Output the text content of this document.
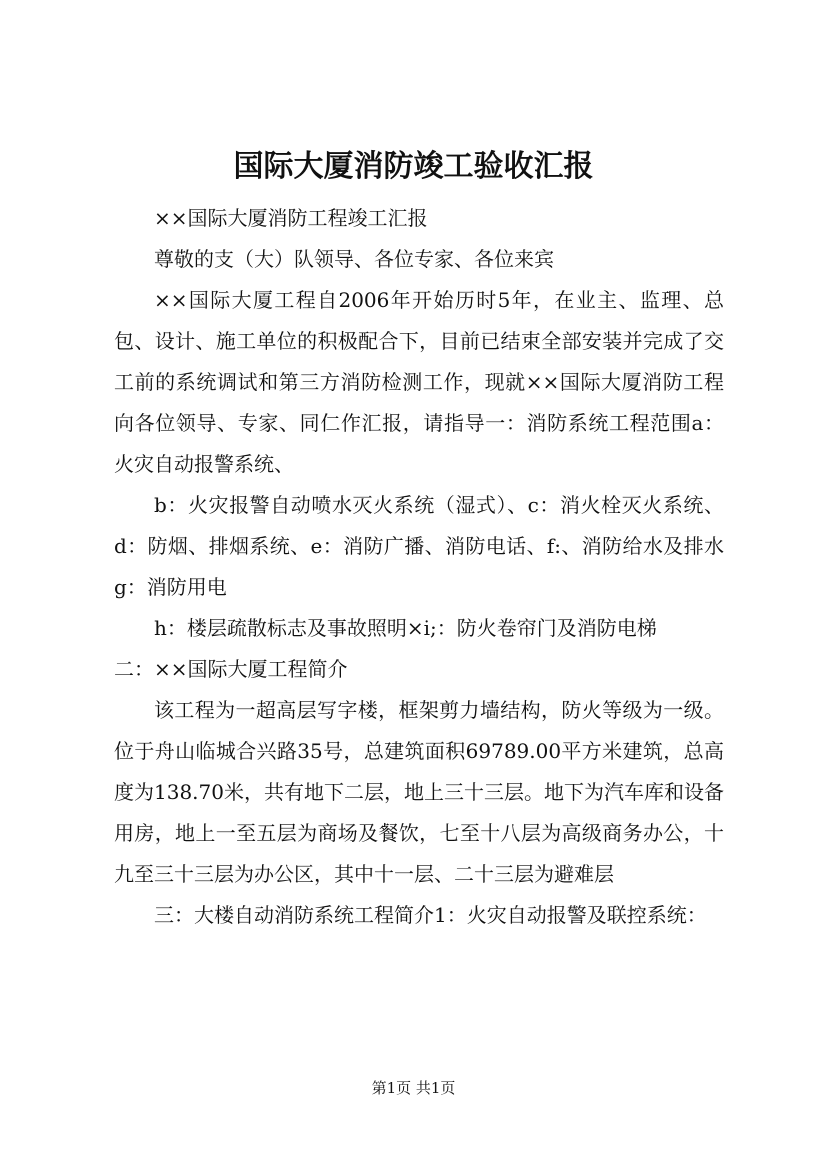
国际大厦消防竣工验收汇报

××国际大厦消防工程竣工汇报

尊敬的支（大）队领导、各位专家、各位来宾

××国际大厦工程自2006年开始历时5年，在业主、监理、总包、设计、施工单位的积极配合下，目前已结束全部安装并完成了交工前的系统调试和第三方消防检测工作，现就××国际大厦消防工程向各位领导、专家、同仁作汇报，请指导一：消防系统工程范围a：火灾自动报警系统、

b：火灾报警自动喷水灭火系统（湿式）、c：消火栓灭火系统、d：防烟、排烟系统、e：消防广播、消防电话、f:、消防给水及排水g：消防用电

h：楼层疏散标志及事故照明×i;：防火卷帘门及消防电梯

二：××国际大厦工程简介

该工程为一超高层写字楼，框架剪力墙结构，防火等级为一级。位于舟山临城合兴路35号，总建筑面积69789.00平方米建筑，总高度为138.70米，共有地下二层，地上三十三层。地下为汽车库和设备用房，地上一至五层为商场及餐饮，七至十八层为高级商务办公，十九至三十三层为办公区，其中十一层、二十三层为避难层

三：大楼自动消防系统工程简介1：火灾自动报警及联控系统：

第1页 共1页
